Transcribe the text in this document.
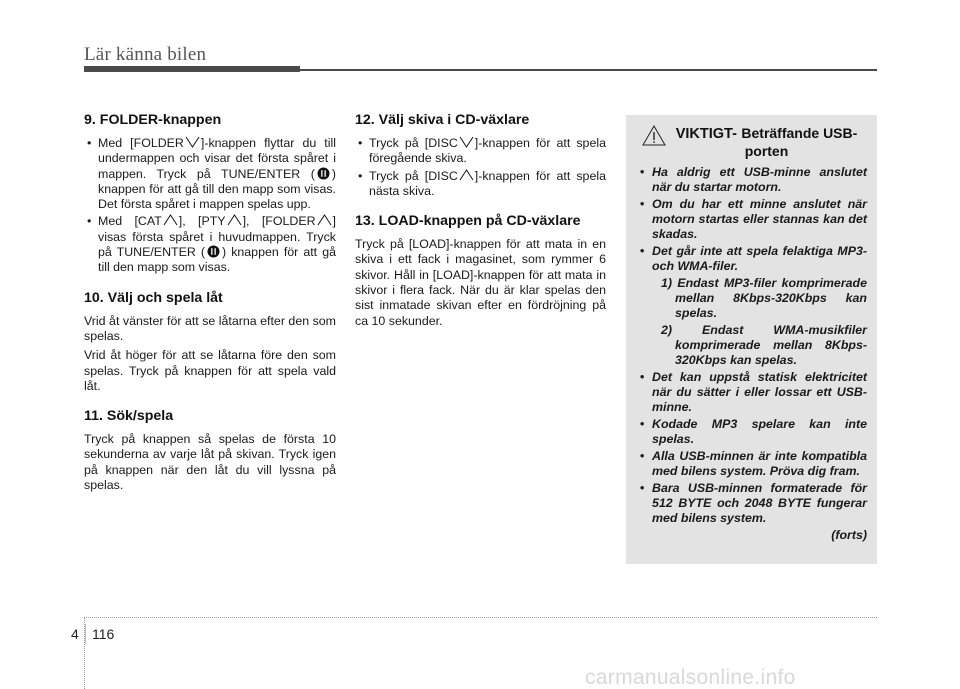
Lär känna bilen
9. FOLDER-knappen
• Med [FOLDER ]-knappen flyttar du till undermappen och visar det första spåret i mappen. Tryck på TUNE/ENTER ( ) knappen för att gå till den mapp som visas. Det första spåret i mappen spelas upp.
• Med [CAT ], [PTY ], [FOLDER ] visas första spåret i huvudmappen. Tryck på TUNE/ENTER ( ) knappen för att gå till den mapp som visas.
10. Välj och spela låt

Vrid åt vänster för att se låtarna efter den som spelas.

Vrid åt höger för att se låtarna före den som spelas. Tryck på knappen för att spela vald låt.

11. Sök/spela

Tryck på knappen så spelas de första 10 sekunderna av varje låt på skivan. Tryck igen på knappen när den låt du vill lyssna på spelas.

12. Välj skiva i CD-växlare
• Tryck på [DISC ]-knappen för att spela föregående skiva.
• Tryck på [DISC ]-knappen för att spela nästa skiva.
13. LOAD-knappen på CD-växlare

Tryck på [LOAD]-knappen för att mata in en skiva i ett fack i magasinet, som rymmer 6 skivor. Håll in [LOAD]-knappen för att mata in skivor i flera fack. När du är klar spelas den sist inmatade skivan efter en fördröjning på ca 10 sekunder.

VIKTIGT- Beträffande USB-
porten
• Ha aldrig ett USB-minne anslutet när du startar motorn.
• Om du har ett minne anslutet när motorn startas eller stannas kan det skadas.
• Det går inte att spela felaktiga MP3- och WMA-filer.
1) Endast MP3-filer komprimerade mellan 8Kbps-320Kbps kan spelas.
2) Endast WMA-musikfiler komprimerade mellan 8Kbps-320Kbps kan spelas.
• Det kan uppstå statisk elektricitet när du sätter i eller lossar ett USB-minne.
• Kodade MP3 spelare kan inte spelas.
• Alla USB-minnen är inte kompatibla med bilens system. Pröva dig fram.
• Bara USB-minnen formaterade för 512 BYTE och 2048 BYTE fungerar med bilens system.
(forts)
4 116
carmanualsonline.info
